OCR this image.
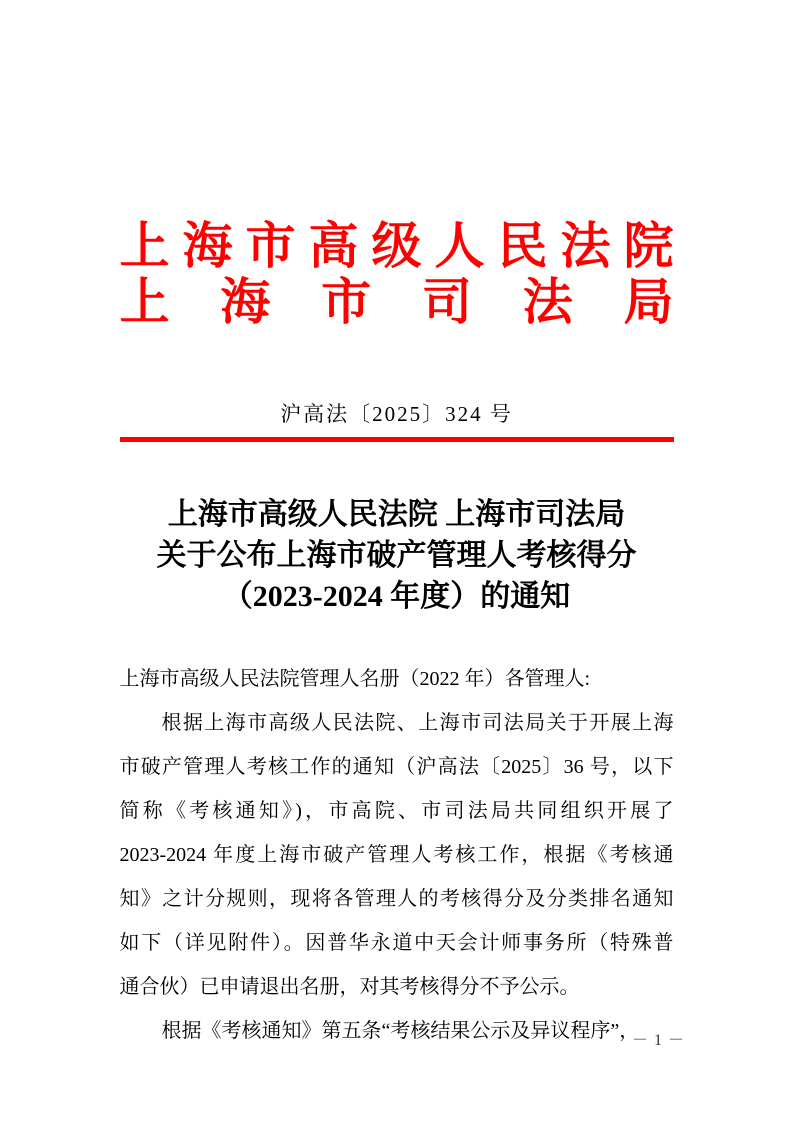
上 海 市 高 级 人 民 法 院
上 海 市 司 法 局
沪高法〔2025〕324 号
上海市高级人民法院 上海市司法局
关于公布上海市破产管理人考核得分
（2023-2024 年度）的通知
上海市高级人民法院管理人名册（2022 年）各管理人:
根据上海市高级人民法院、上海市司法局关于开展上海
市破产管理人考核工作的通知（沪高法〔2025〕36 号，以下
简称《考核通知》)，市高院、市司法局共同组织开展了
2023-2024 年度上海市破产管理人考核工作，根据《考核通
知》之计分规则，现将各管理人的考核得分及分类排名通知
如下（详见附件）。因普华永道中天会计师事务所（特殊普
通合伙）已申请退出名册，对其考核得分不予公示。
根据《考核通知》第五条“考核结果公示及异议程序”，
－ 1 －
